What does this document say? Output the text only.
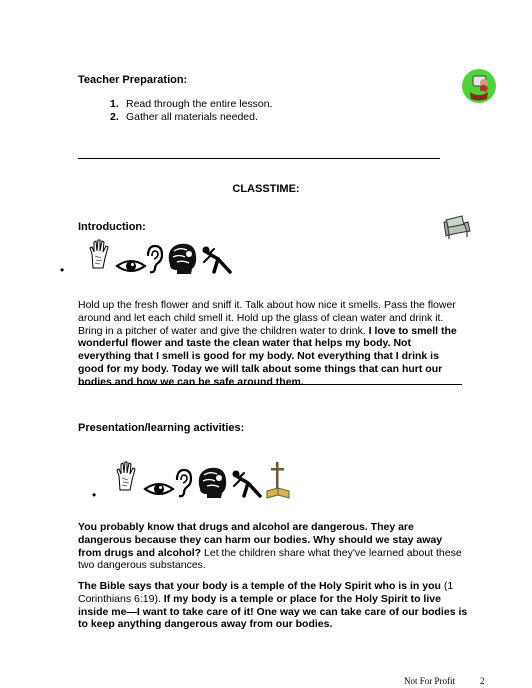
Teacher Preparation:
1. Read through the entire lesson.
2. Gather all materials needed.
CLASSTIME:
Introduction:
•
Hold up the fresh flower and sniff it. Talk about how nice it smells. Pass the flower around and let each child smell it. Hold up the glass of clean water and drink it. Bring in a pitcher of water and give the children water to drink. I love to smell the wonderful flower and taste the clean water that helps my body. Not everything that I smell is good for my body. Not everything that I drink is good for my body. Today we will talk about some things that can hurt our bodies and how we can be safe around them.
Presentation/learning activities:
•
You probably know that drugs and alcohol are dangerous. They are dangerous because they can harm our bodies. Why should we stay away from drugs and alcohol? Let the children share what they've learned about these two dangerous substances.
The Bible says that your body is a temple of the Holy Spirit who is in you (1 Corinthians 6:19). If my body is a temple or place for the Holy Spirit to live inside me—I want to take care of it! One way we can take care of our bodies is to keep anything dangerous away from our bodies.
Not For Profit	2
